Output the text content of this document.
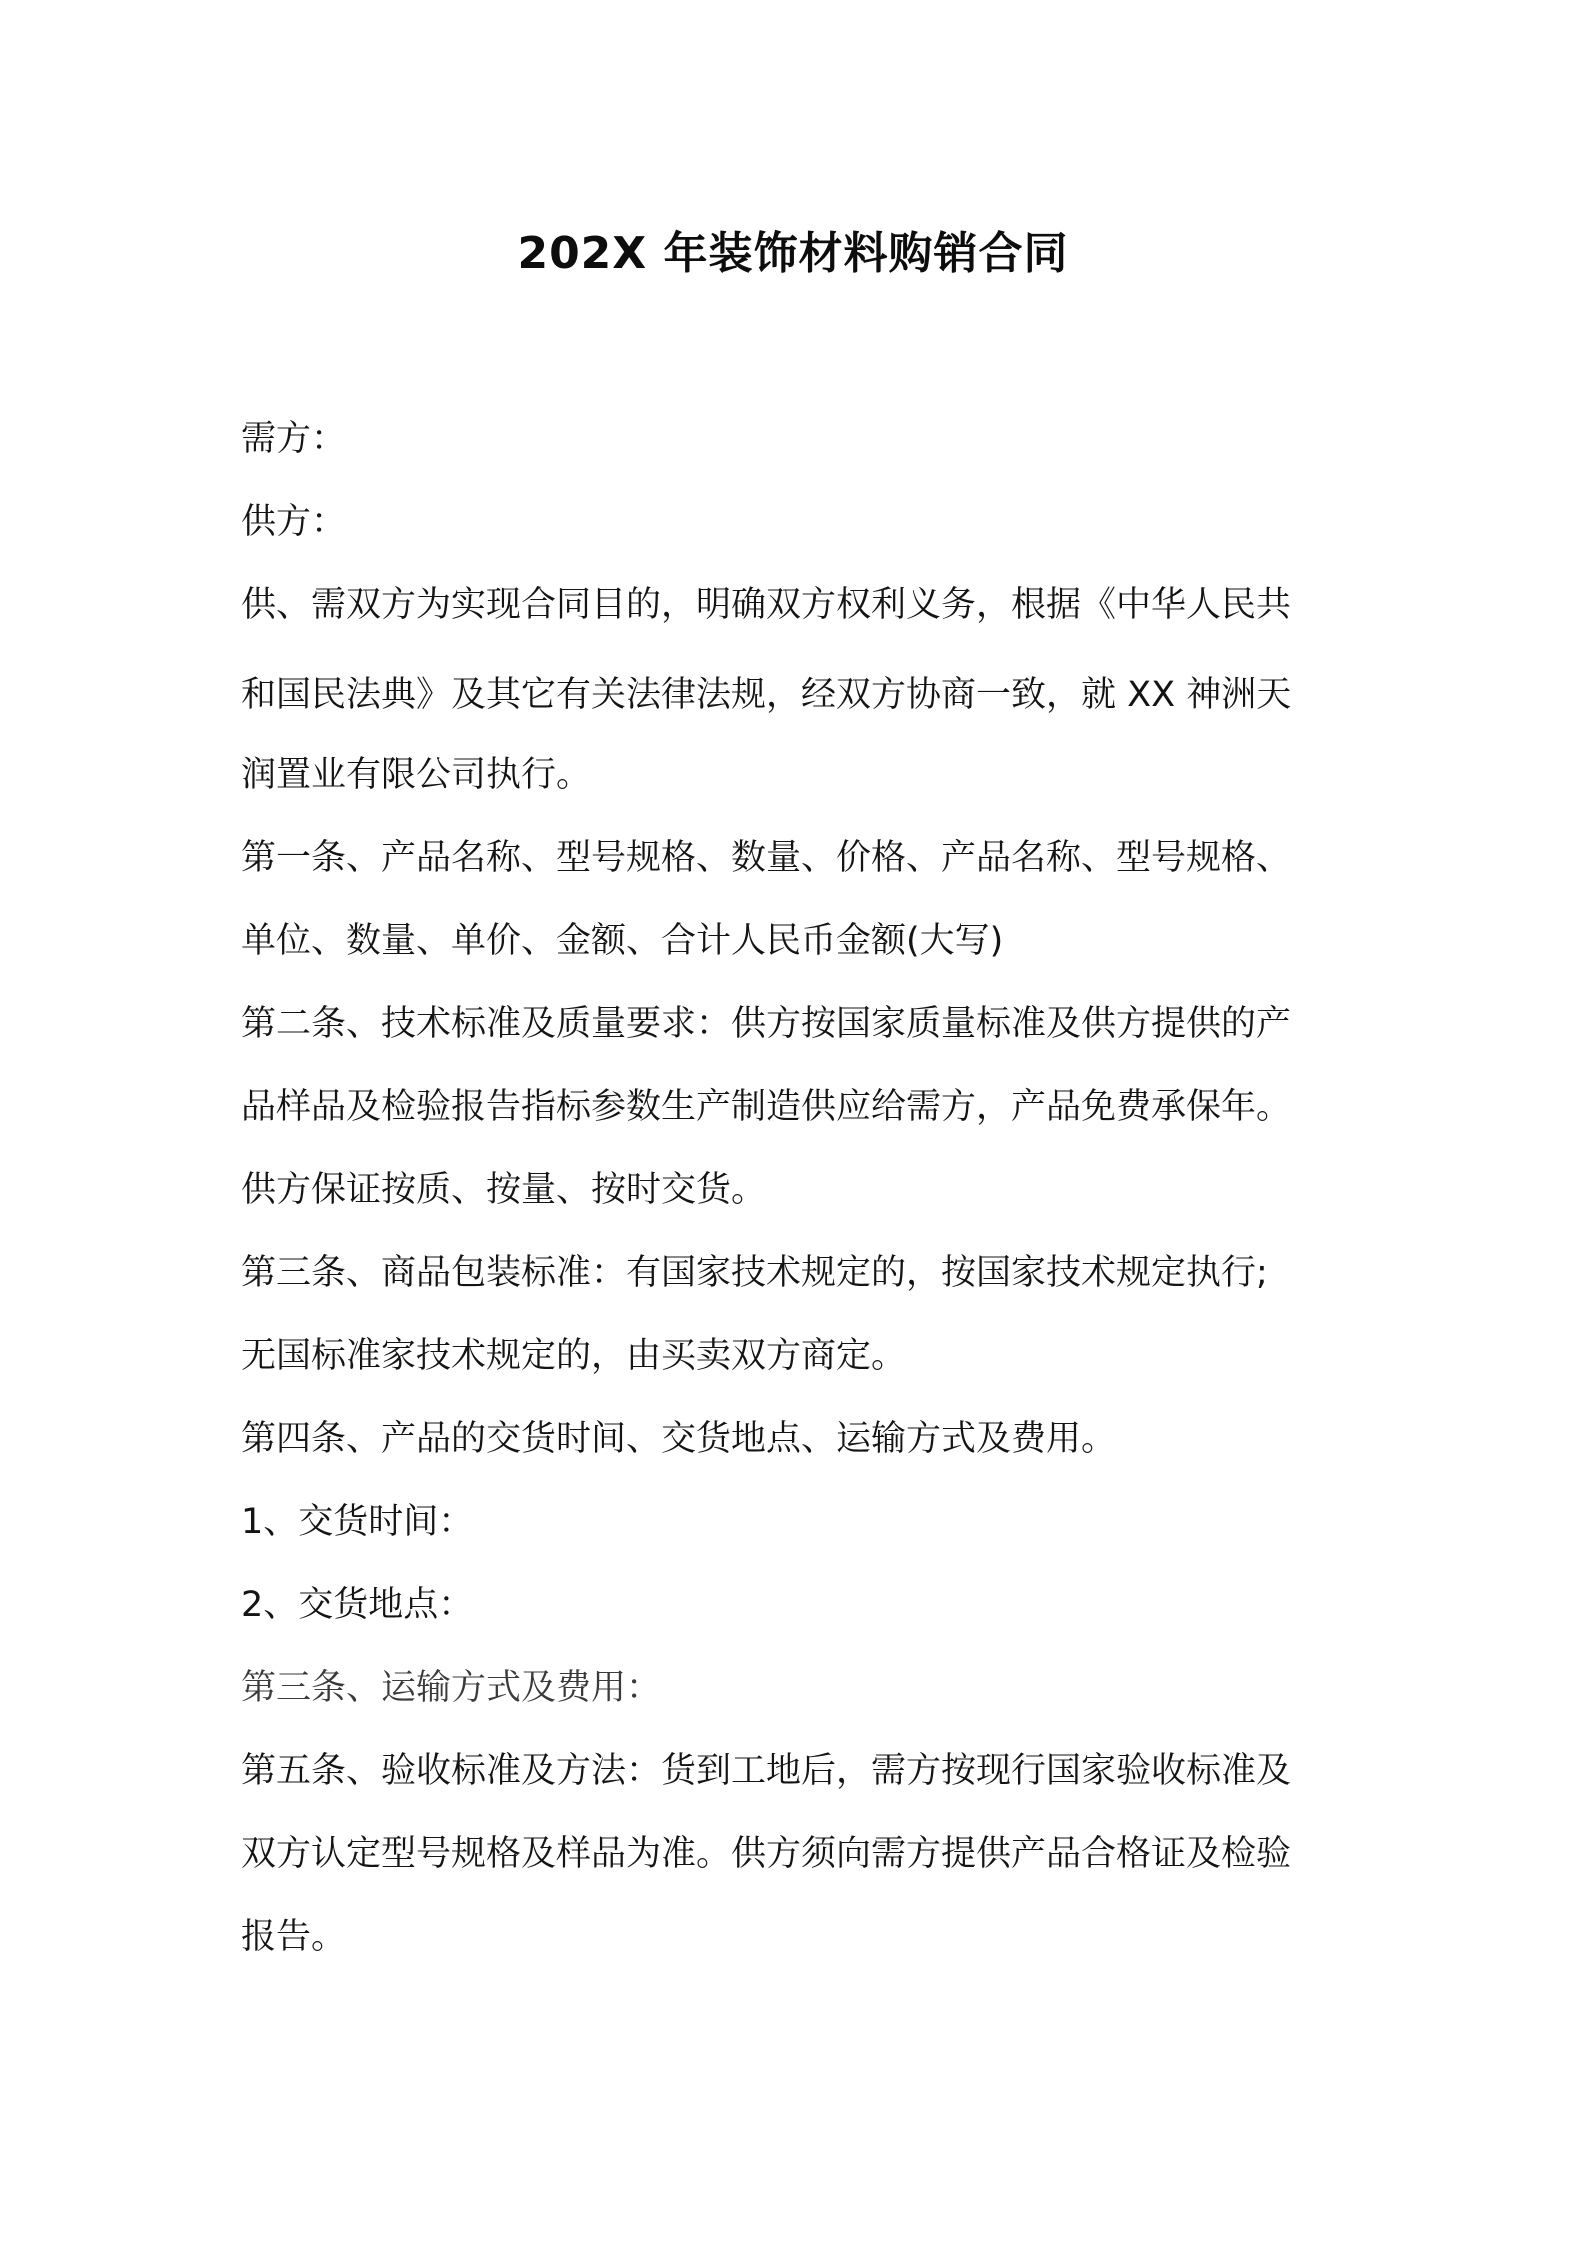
202X 年装饰材料购销合同
需方：
供方：
供、需双方为实现合同目的，明确双方权利义务，根据《中华人民共
和国民法典》及其它有关法律法规，经双方协商一致，就 XX 神洲天
润置业有限公司执行。
第一条、产品名称、型号规格、数量、价格、产品名称、型号规格、
单位、数量、单价、金额、合计人民币金额(大写)
第二条、技术标准及质量要求：供方按国家质量标准及供方提供的产
品样品及检验报告指标参数生产制造供应给需方，产品免费承保年。
供方保证按质、按量、按时交货。
第三条、商品包装标准：有国家技术规定的，按国家技术规定执行;
无国标准家技术规定的，由买卖双方商定。
第四条、产品的交货时间、交货地点、运输方式及费用。
1、交货时间：
2、交货地点：
第三条、运输方式及费用：
第五条、验收标准及方法：货到工地后，需方按现行国家验收标准及
双方认定型号规格及样品为准。供方须向需方提供产品合格证及检验
报告。
